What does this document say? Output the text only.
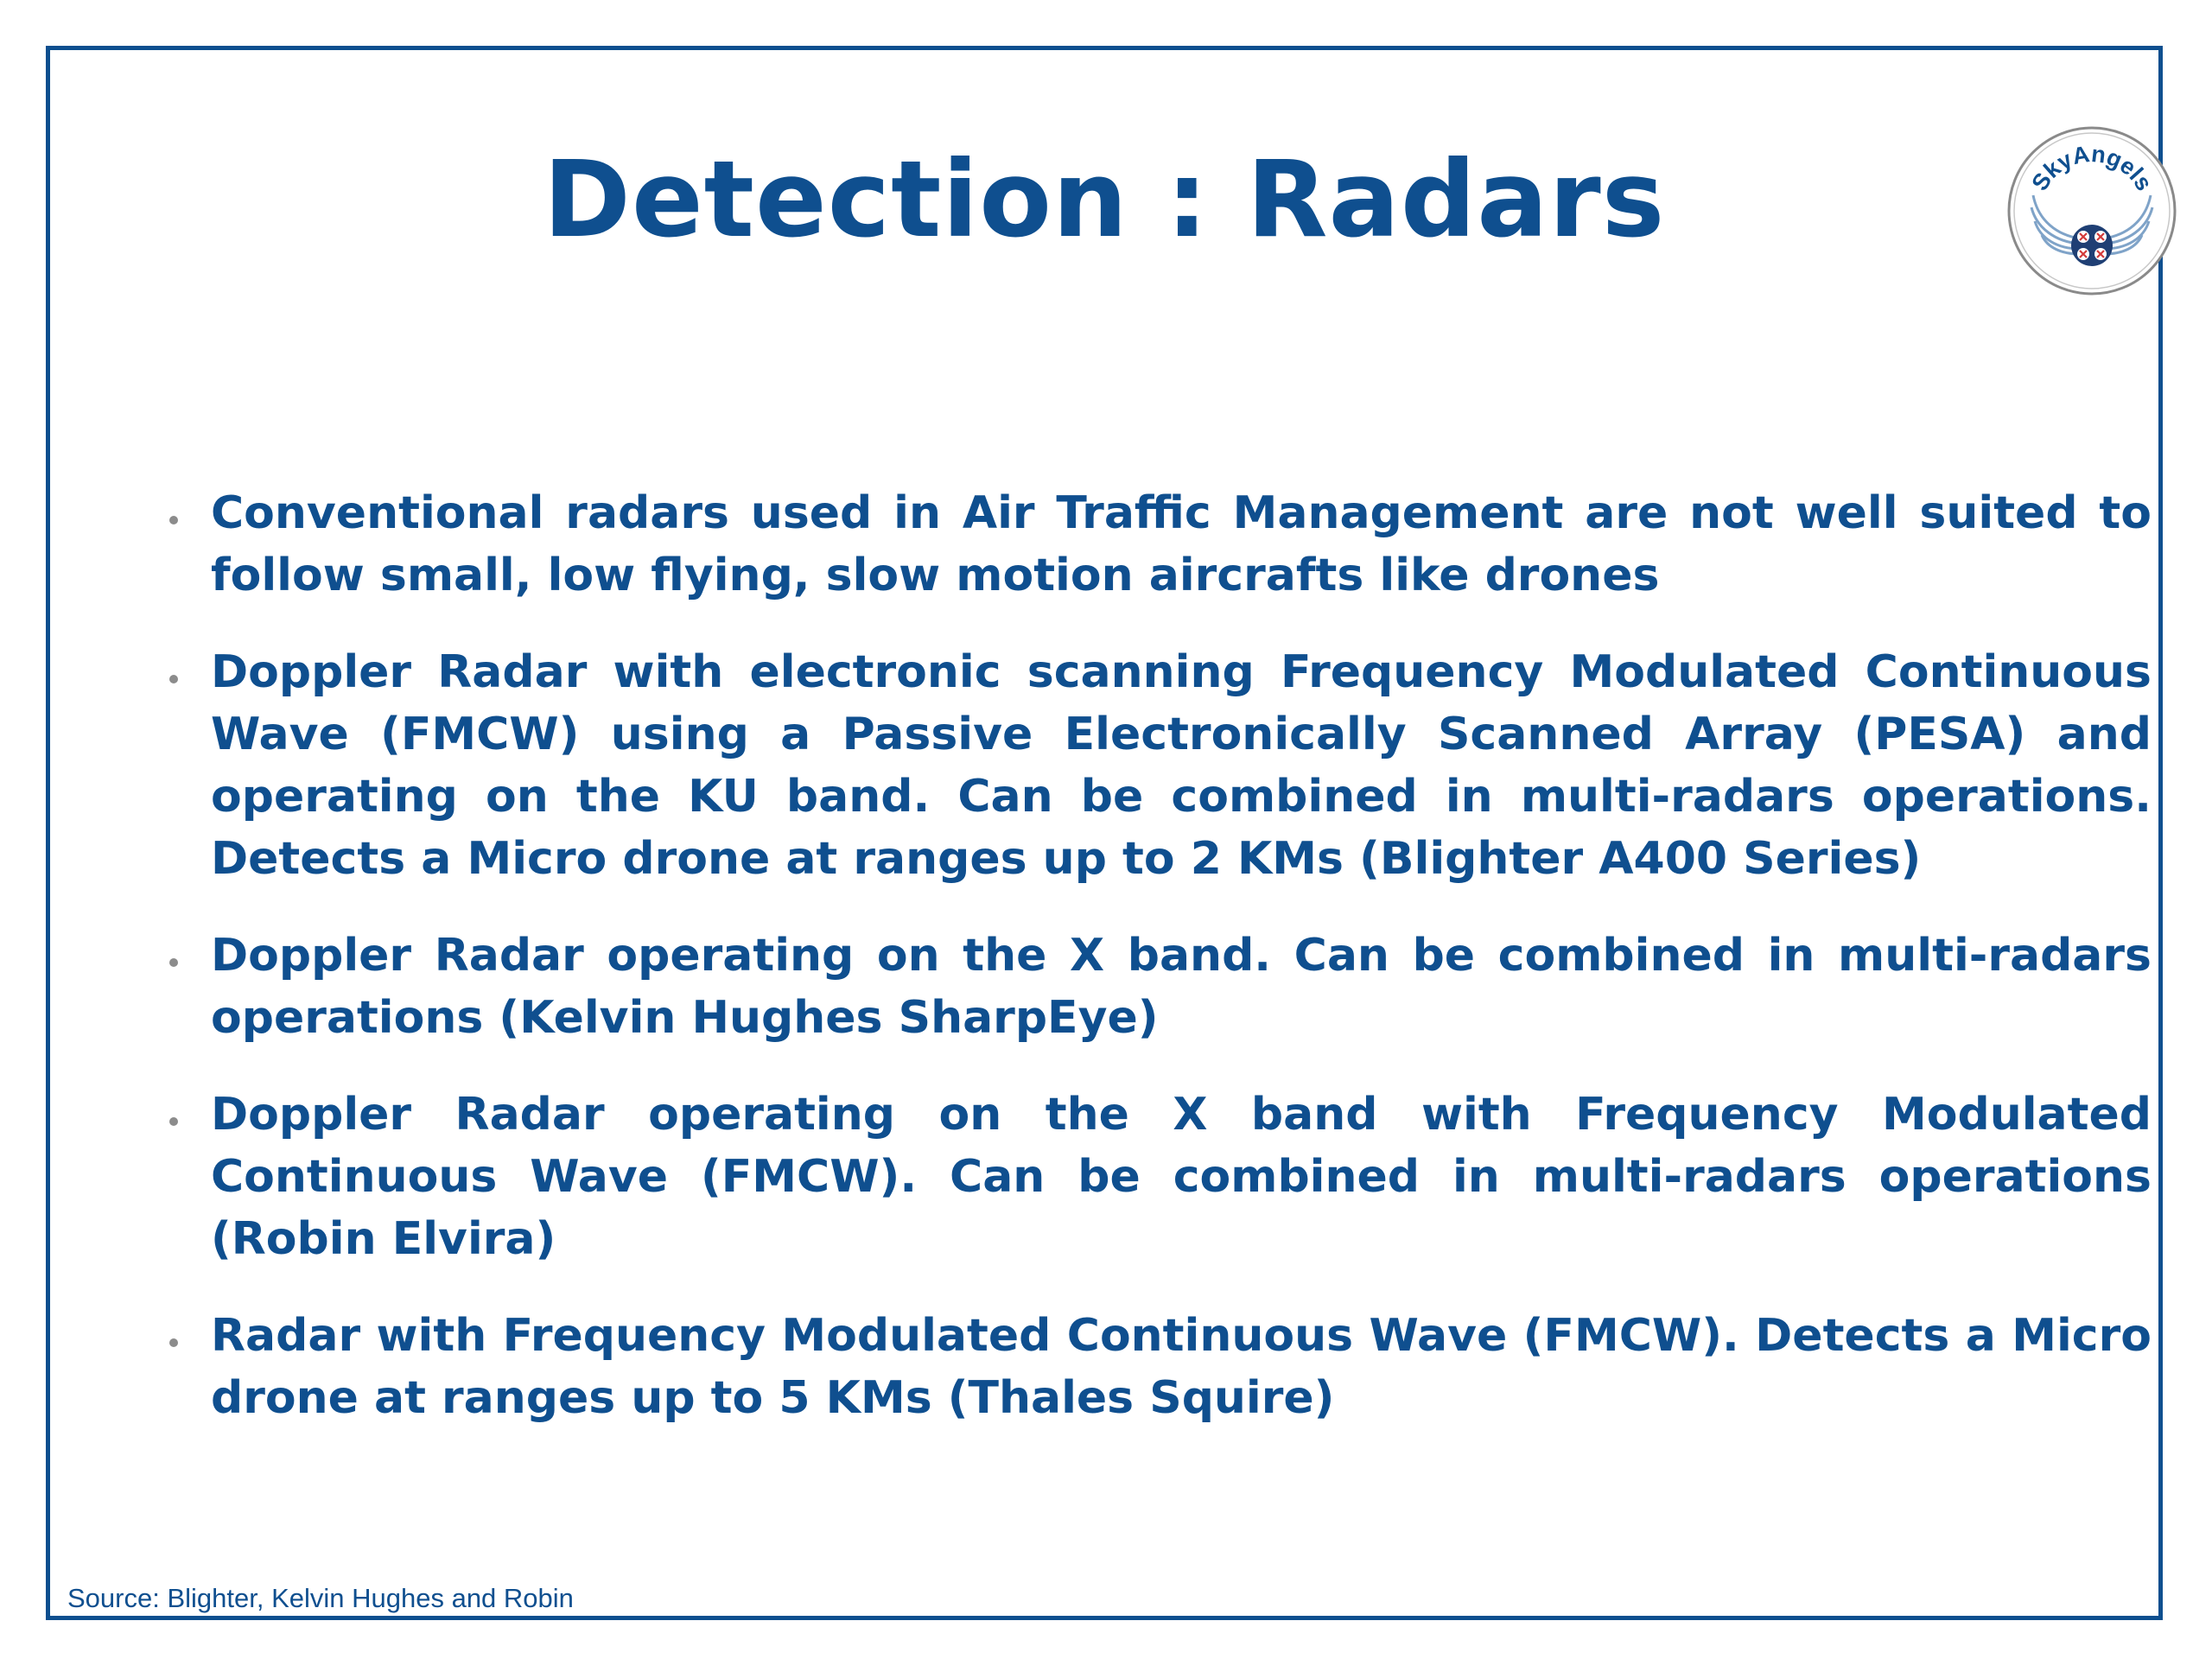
Detection : Radars	SkyAngels
Conventional radars used in Air Traffic Management are not well suited to follow small, low flying, slow motion aircrafts like drones
Doppler Radar with electronic scanning Frequency Modulated Continuous Wave (FMCW) using a Passive Electronically Scanned Array (PESA) and operating on the KU band. Can be combined in multi-radars operations. Detects a Micro drone at ranges up to 2 KMs (Blighter A400 Series)
Doppler Radar operating on the X band. Can be combined in multi-radars operations (Kelvin Hughes SharpEye)
Doppler Radar operating on the X band with Frequency Modulated Continuous Wave (FMCW). Can be combined in multi-radars operations (Robin Elvira)
Radar with Frequency Modulated Continuous Wave (FMCW). Detects a Micro drone at ranges up to 5 KMs (Thales Squire)
Source: Blighter, Kelvin Hughes and Robin
